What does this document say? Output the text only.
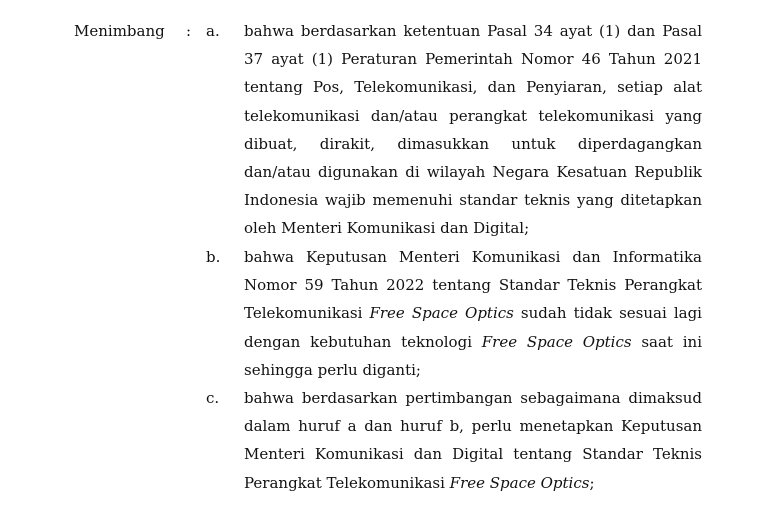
Menimbang : a. bahwa berdasarkan ketentuan Pasal 34 ayat (1) dan Pasal 37 ayat (1) Peraturan Pemerintah Nomor 46 Tahun 2021 tentang Pos, Telekomunikasi, dan Penyiaran, setiap alat telekomunikasi dan/atau perangkat telekomunikasi yang dibuat, dirakit, dimasukkan untuk diperdagangkan dan/atau digunakan di wilayah Negara Kesatuan Republik Indonesia wajib memenuhi standar teknis yang ditetapkan oleh Menteri Komunikasi dan Digital;

b. bahwa Keputusan Menteri Komunikasi dan Informatika Nomor 59 Tahun 2022 tentang Standar Teknis Perangkat Telekomunikasi Free Space Optics sudah tidak sesuai lagi dengan kebutuhan teknologi Free Space Optics saat ini sehingga perlu diganti;

c. bahwa berdasarkan pertimbangan sebagaimana dimaksud dalam huruf a dan huruf b, perlu menetapkan Keputusan Menteri Komunikasi dan Digital tentang Standar Teknis Perangkat Telekomunikasi Free Space Optics;
